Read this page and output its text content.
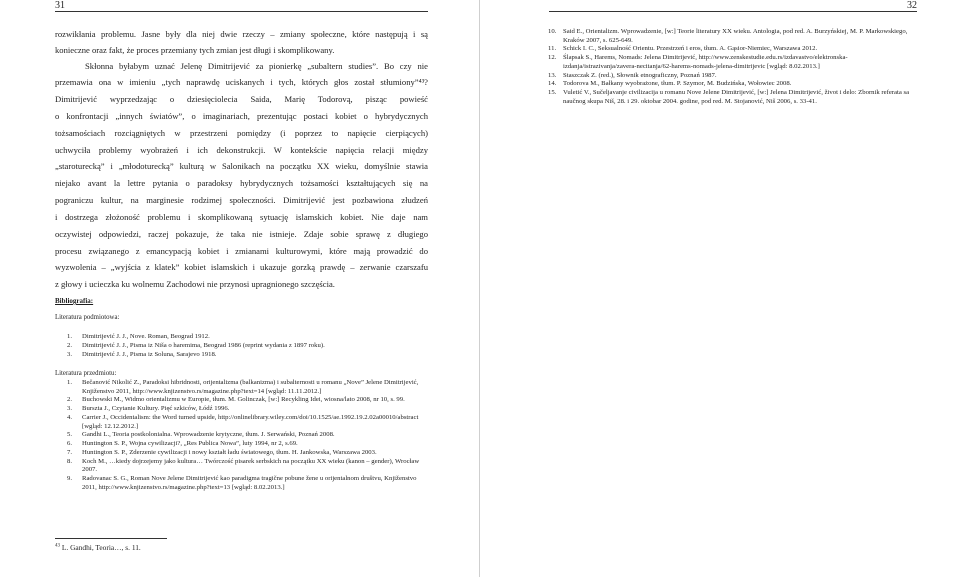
31
rozwikłania problemu. Jasne były dla niej dwie rzeczy – zmiany społeczne, które następują i są
konieczne oraz fakt, że proces przemiany tych zmian jest długi i skomplikowany.
Skłonna byłabym uznać Jelenę Dimitrijević za pionierkę „subaltern studies”. Bo czy nie
przemawia ona w imieniu „tych naprawdę uciskanych i tych, których głos został stłumiony”⁴³?
Dimitrijević wyprzedzając o dziesięciolecia Saida, Marię Todorovą, pisząc powieść
o konfrontacji „innych światów”, o imaginariach, prezentując postaci kobiet o hybrydycznych
tożsamościach rozciągniętych w przestrzeni pomiędzy (i poprzez to napięcie cierpiących)
uchwyciła problemy wyobrażeń i ich dekonstrukcji. W kontekście napięcia relacji między
„staroturecką” i „młodoturecką” kulturą w Salonikach na początku XX wieku, domyślnie stawia
niejako avant la lettre pytania o paradoksy hybrydycznych tożsamości kształtujących się na
pograniczu kultur, na marginesie rodzimej społeczności. Dimitrijević jest pozbawiona złudzeń
i dostrzega złożoność problemu i skomplikowaną sytuację islamskich kobiet. Nie daje nam
oczywistej odpowiedzi, raczej pokazuje, że taka nie istnieje. Zdaje sobie sprawę z długiego
procesu związanego z emancypacją kobiet i zmianami kulturowymi, które mają prowadzić do
wyzwolenia – „wyjścia z klatek” kobiet islamskich i ukazuje gorzką prawdę – zerwanie czarszafu
z głowy i ucieczka ku wolnemu Zachodowi nie przynosi upragnionego szczęścia.
Bibliografia:
Literatura podmiotowa:
1. Dimitrijević J. J., Nove. Roman, Beograd 1912.
2. Dimitrijević J. J., Pisma iz Niša o haremima, Beograd 1986 (reprint wydania z 1897 roku).
3. Dimitrijević J. J., Pisma iz Soluna, Sarajevo 1918.
Literatura przedmiotu:
1. Bečanović Nikolić Z., Paradoksi hibridnosti, orijentalizma (balkanizma) i subalternosti u romanu „Nove” Jelene Dimitrijević, Knjiženstvo 2011, http://www.knjizenstvo.rs/magazine.php?text=14 [wgląd: 11.11.2012.]
2. Buchowski M., Widmo orientalizmu w Europie, tłum. M. Golinczak, [w:] Recykling Idei, wiosna/lato 2008, nr 10, s. 99.
3. Burszta J., Czytanie Kultury. Pięć szkiców, Łódź 1996.
4. Carrier J., Occidentalism: the Word turned upside, http://onlinelibrary.wiley.com/doi/10.1525/ae.1992.19.2.02a00010/abstract [wgląd: 12.12.2012.]
5. Gandhi L., Teoria postkolonialna. Wprowadzenie krytyczne, tłum. J. Serwański, Poznań 2008.
6. Huntington S. P., Wojna cywilizacji?, „Res Publica Nowa”, luty 1994, nr 2, s.69.
7. Huntington S. P., Zderzenie cywilizacji i nowy kształt ładu światowego, tłum. H. Jankowska, Warszawa 2003.
8. Koch M., …kiedy dojrzejemy jako kultura… Twórczość pisarek serbskich na początku XX wieku (kanon – gender), Wrocław 2007.
9. Radovanac S. G., Roman Nove Jelene Dimitrijević kao paradigma tragične pobune žene u orijentalnom društvu, Knjiženstvo 2011, http://www.knjizenstvo.rs/magazine.php?text=13 [wgląd: 8.02.2013.]
$^{43}$ L. Gandhi, Teoria…, s. 11.
32
10. Said E., Orientalizm. Wprowadzenie, [w:] Teorie literatury XX wieku. Antologia, pod red. A. Burzyńskiej, M. P. Markowskiego, Kraków 2007, s. 625-649.
11. Schick I. C., Seksualność Orientu. Przestrzeń i eros, tłum. A. Gąsior-Niemiec, Warszawa 2012.
12. Ślapsak S., Harems, Nomads: Jelena Dimitrijević, http://www.zenskestudie.edu.rs/izdavastvo/elektronska-izdanja/istrazivanja/zavera-necitanja/62-harems-nomads-jelena-dimitrijevic [wgląd: 8.02.2013.]
13. Staszczak Z. (red.), Słownik etnograficzny, Poznań 1987.
14. Todorova M., Bałkany wyobrażone, tłum. P. Szymor, M. Budzińska, Wołowiec 2008.
15. Vuletić V., Sučeljavanje civilizacija u romanu Nove Jelene Dimitrijević, [w:] Jelena Dimitrijević, život i delo: Zbornik referata sa naučnog skupa Niš, 28. i 29. oktobar 2004. godine, pod red. M. Stojanović, Niš 2006, s. 33-41.
